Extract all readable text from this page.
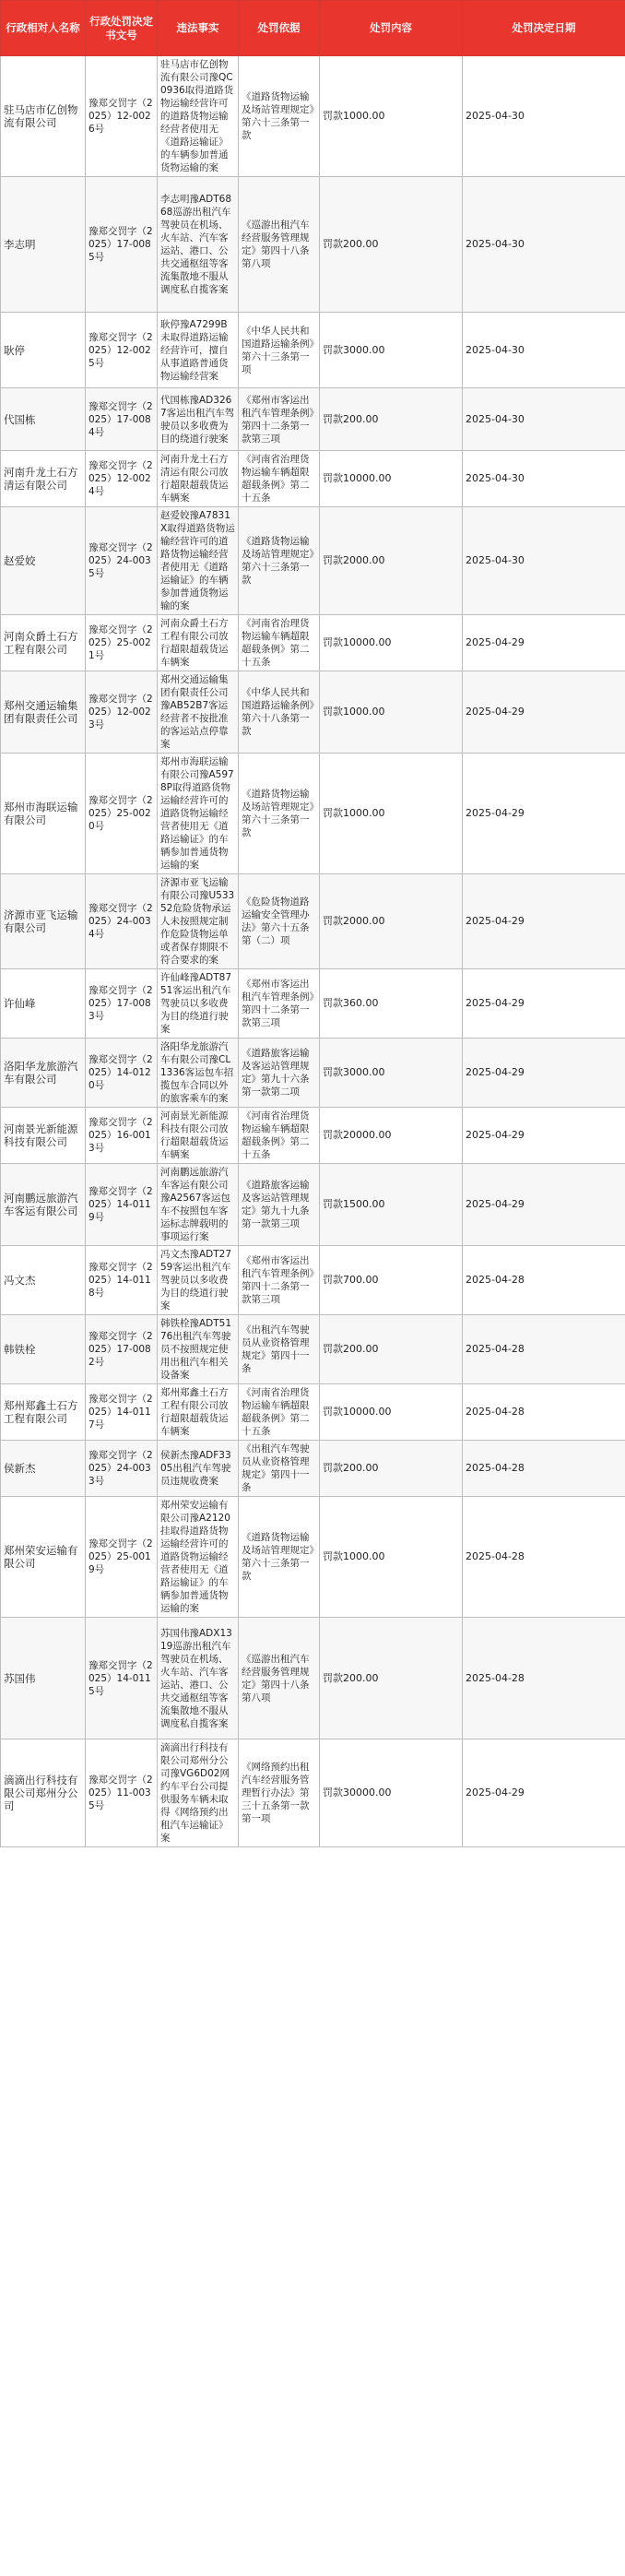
行政相对人名称	行政处罚决定书文号	违法事实	处罚依据	处罚内容	处罚决定日期
驻马店市亿创物流有限公司	豫郑交罚字（2025）12-0026号	驻马店市亿创物流有限公司豫QC0936取得道路货物运输经营许可的道路货物运输经营者使用无《道路运输证》的车辆参加普通货物运输的案	《道路货物运输及场站管理规定》第六十三条第一款	罚款1000.00	2025-04-30
李志明	豫郑交罚字（2025）17-0085号	李志明豫ADT6868巡游出租汽车驾驶员在机场、火车站、汽车客运站、港口、公共交通枢纽等客流集散地不服从调度私自揽客案	《巡游出租汽车经营服务管理规定》第四十八条第八项	罚款200.00	2025-04-30
耿停	豫郑交罚字（2025）12-0025号	耿停豫A7299B未取得道路运输经营许可，擅自从事道路普通货物运输经营案	《中华人民共和国道路运输条例》第六十三条第一项	罚款3000.00	2025-04-30
代国栋	豫郑交罚字（2025）17-0084号	代国栋豫AD3267客运出租汽车驾驶员以多收费为目的绕道行驶案	《郑州市客运出租汽车管理条例》第四十二条第一款第三项	罚款200.00	2025-04-30
河南升龙土石方清运有限公司	豫郑交罚字（2025）12-0024号	河南升龙土石方清运有限公司放行超限超载货运车辆案	《河南省治理货物运输车辆超限超载条例》第二十五条	罚款10000.00	2025-04-30
赵爱姣	豫郑交罚字（2025）24-0035号	赵爱姣豫A7831X取得道路货物运输经营许可的道路货物运输经营者使用无《道路运输证》的车辆参加普通货物运输的案	《道路货物运输及场站管理规定》第六十三条第一款	罚款2000.00	2025-04-30
河南众爵土石方工程有限公司	豫郑交罚字（2025）25-0021号	河南众爵土石方工程有限公司放行超限超载货运车辆案	《河南省治理货物运输车辆超限超载条例》第二十五条	罚款10000.00	2025-04-29
郑州交通运输集团有限责任公司	豫郑交罚字（2025）12-0023号	郑州交通运输集团有限责任公司豫AB52B7客运经营者不按批准的客运站点停靠案	《中华人民共和国道路运输条例》第六十八条第一款	罚款1000.00	2025-04-29
郑州市海联运输有限公司	豫郑交罚字（2025）25-0020号	郑州市海联运输有限公司豫A5978P取得道路货物运输经营许可的道路货物运输经营者使用无《道路运输证》的车辆参加普通货物运输的案	《道路货物运输及场站管理规定》第六十三条第一款	罚款1000.00	2025-04-29
济源市亚飞运输有限公司	豫郑交罚字（2025）24-0034号	济源市亚飞运输有限公司豫U53352危险货物承运人未按照规定制作危险货物运单或者保存期限不符合要求的案	《危险货物道路运输安全管理办法》第六十五条第（二）项	罚款2000.00	2025-04-29
许仙峰	豫郑交罚字（2025）17-0083号	许仙峰豫ADT8751客运出租汽车驾驶员以多收费为目的绕道行驶案	《郑州市客运出租汽车管理条例》第四十二条第一款第三项	罚款360.00	2025-04-29
洛阳华龙旅游汽车有限公司	豫郑交罚字（2025）14-0120号	洛阳华龙旅游汽车有限公司豫CL1336客运包车招揽包车合同以外的旅客乘车的案	《道路旅客运输及客运站管理规定》第九十六条第一款第二项	罚款3000.00	2025-04-29
河南景光新能源科技有限公司	豫郑交罚字（2025）16-0013号	河南景光新能源科技有限公司放行超限超载货运车辆案	《河南省治理货物运输车辆超限超载条例》第二十五条	罚款20000.00	2025-04-29
河南鹏远旅游汽车客运有限公司	豫郑交罚字（2025）14-0119号	河南鹏远旅游汽车客运有限公司豫A2567客运包车不按照包车客运标志牌载明的事项运行案	《道路旅客运输及客运站管理规定》第九十九条第一款第三项	罚款1500.00	2025-04-29
冯文杰	豫郑交罚字（2025）14-0118号	冯文杰豫ADT2759客运出租汽车驾驶员以多收费为目的绕道行驶案	《郑州市客运出租汽车管理条例》第四十二条第一款第三项	罚款700.00	2025-04-28
韩铁栓	豫郑交罚字（2025）17-0082号	韩铁栓豫ADT5176出租汽车驾驶员不按照规定使用出租汽车相关设备案	《出租汽车驾驶员从业资格管理规定》第四十一条	罚款200.00	2025-04-28
郑州郑鑫土石方工程有限公司	豫郑交罚字（2025）14-0117号	郑州郑鑫土石方工程有限公司放行超限超载货运车辆案	《河南省治理货物运输车辆超限超载条例》第二十五条	罚款10000.00	2025-04-28
侯新杰	豫郑交罚字（2025）24-0033号	侯新杰豫ADF3305出租汽车驾驶员违规收费案	《出租汽车驾驶员从业资格管理规定》第四十一条	罚款200.00	2025-04-28
郑州荣安运输有限公司	豫郑交罚字（2025）25-0019号	郑州荣安运输有限公司豫A2120挂取得道路货物运输经营许可的道路货物运输经营者使用无《道路运输证》的车辆参加普通货物运输的案	《道路货物运输及场站管理规定》第六十三条第一款	罚款1000.00	2025-04-28
苏国伟	豫郑交罚字（2025）14-0115号	苏国伟豫ADX1319巡游出租汽车驾驶员在机场、火车站、汽车客运站、港口、公共交通枢纽等客流集散地不服从调度私自揽客案	《巡游出租汽车经营服务管理规定》第四十八条第八项	罚款200.00	2025-04-28
滴滴出行科技有限公司郑州分公司	豫郑交罚字（2025）11-0035号	滴滴出行科技有限公司郑州分公司豫VG6D02网约车平台公司提供服务车辆未取得《网络预约出租汽车运输证》案	《网络预约出租汽车经营服务管理暂行办法》第三十五条第一款第一项	罚款30000.00	2025-04-29
